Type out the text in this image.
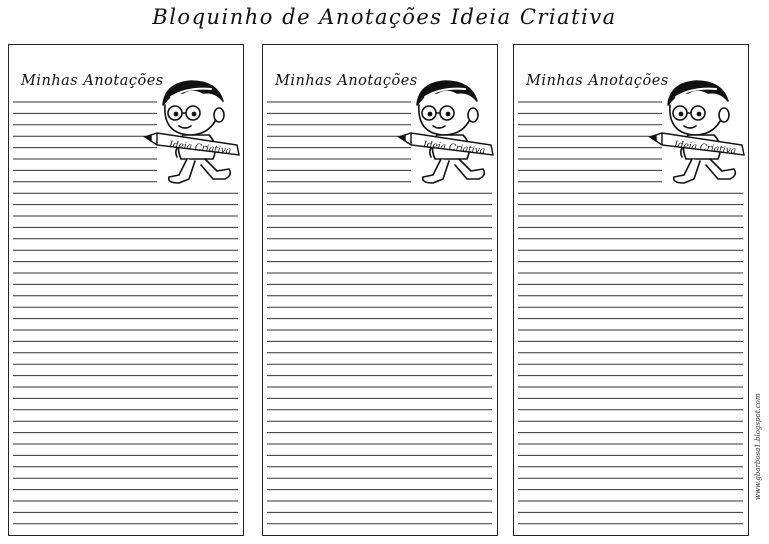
Bloquinho de Anotações Ideia Criativa
Minhas Anotações
Ideia Criativa
Minhas Anotações
Ideia Criativa
Minhas Anotações
Ideia Criativa
www.gbarbosa1.blogspot.com
